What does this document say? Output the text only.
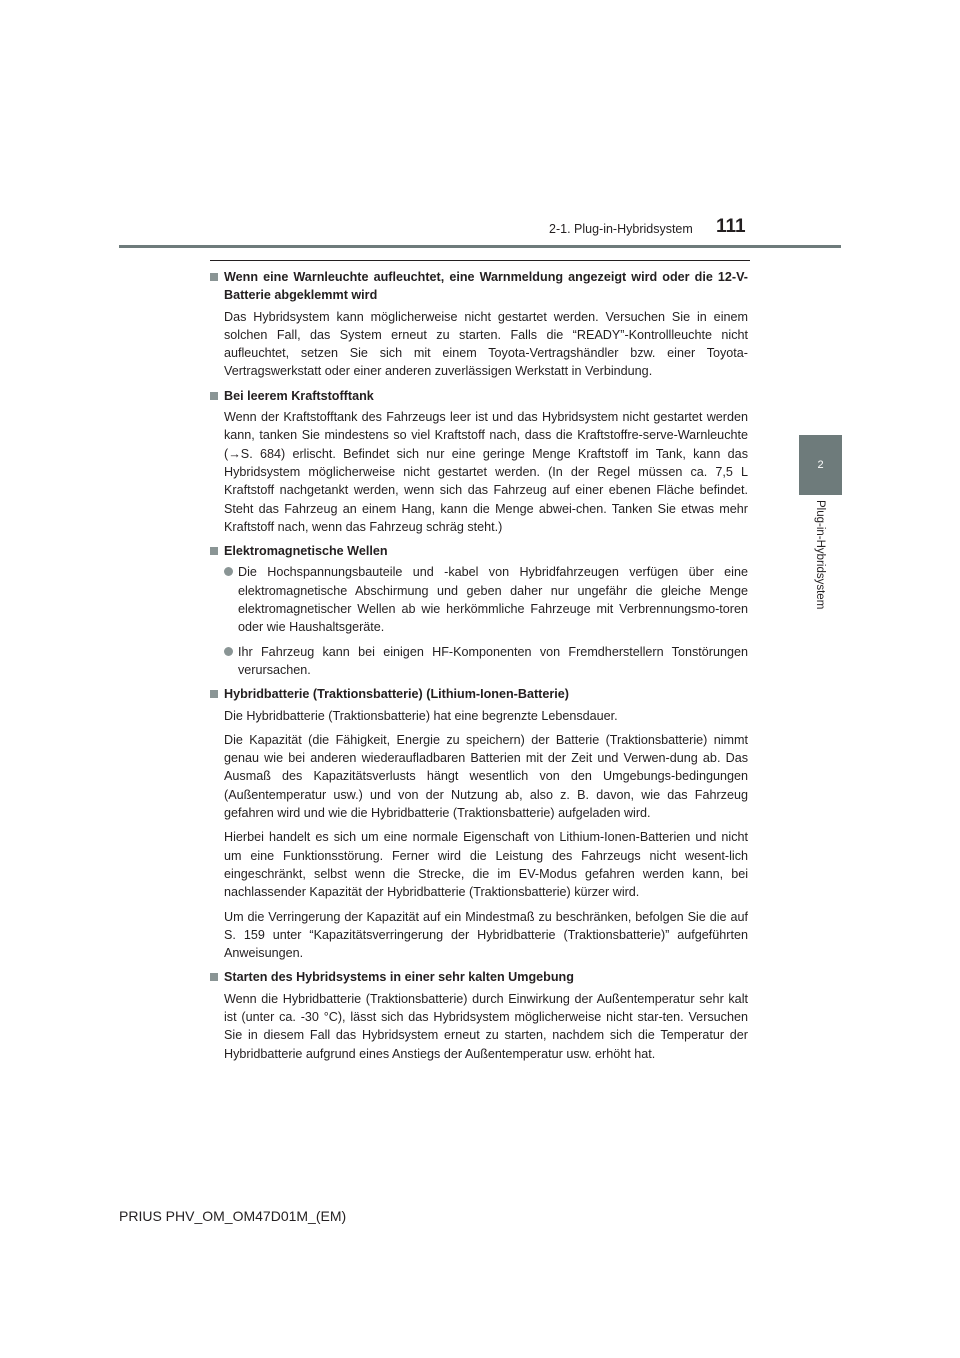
2-1. Plug-in-Hybridsystem 111
2
Plug-in-Hybridsystem
Wenn eine Warnleuchte aufleuchtet, eine Warnmeldung angezeigt wird oder die 12-V-Batterie abgeklemmt wird
Das Hybridsystem kann möglicherweise nicht gestartet werden. Versuchen Sie in einem solchen Fall, das System erneut zu starten. Falls die “READY”-Kontrollleuchte nicht aufleuchtet, setzen Sie sich mit einem Toyota-Vertragshändler bzw. einer Toyota-Vertragswerkstatt oder einer anderen zuverlässigen Werkstatt in Verbindung.
Bei leerem Kraftstofftank
Wenn der Kraftstofftank des Fahrzeugs leer ist und das Hybridsystem nicht gestartet werden kann, tanken Sie mindestens so viel Kraftstoff nach, dass die Kraftstoffre-serve-Warnleuchte (→S. 684) erlischt. Befindet sich nur eine geringe Menge Kraftstoff im Tank, kann das Hybridsystem möglicherweise nicht gestartet werden. (In der Regel müssen ca. 7,5 L Kraftstoff nachgetankt werden, wenn sich das Fahrzeug auf einer ebenen Fläche befindet. Steht das Fahrzeug an einem Hang, kann die Menge abwei-chen. Tanken Sie etwas mehr Kraftstoff nach, wenn das Fahrzeug schräg steht.)
Elektromagnetische Wellen
Die Hochspannungsbauteile und -kabel von Hybridfahrzeugen verfügen über eine elektromagnetische Abschirmung und geben daher nur ungefähr die gleiche Menge elektromagnetischer Wellen ab wie herkömmliche Fahrzeuge mit Verbrennungsmo-toren oder wie Haushaltsgeräte.
Ihr Fahrzeug kann bei einigen HF-Komponenten von Fremdherstellern Tonstörungen verursachen.
Hybridbatterie (Traktionsbatterie) (Lithium-Ionen-Batterie)
Die Hybridbatterie (Traktionsbatterie) hat eine begrenzte Lebensdauer.
Die Kapazität (die Fähigkeit, Energie zu speichern) der Batterie (Traktionsbatterie) nimmt genau wie bei anderen wiederaufladbaren Batterien mit der Zeit und Verwen-dung ab. Das Ausmaß des Kapazitätsverlusts hängt wesentlich von den Umgebungs-bedingungen (Außentemperatur usw.) und von der Nutzung ab, also z. B. davon, wie das Fahrzeug gefahren wird und wie die Hybridbatterie (Traktionsbatterie) aufgeladen wird.
Hierbei handelt es sich um eine normale Eigenschaft von Lithium-Ionen-Batterien und nicht um eine Funktionsstörung. Ferner wird die Leistung des Fahrzeugs nicht wesent-lich eingeschränkt, selbst wenn die Strecke, die im EV-Modus gefahren werden kann, bei nachlassender Kapazität der Hybridbatterie (Traktionsbatterie) kürzer wird.
Um die Verringerung der Kapazität auf ein Mindestmaß zu beschränken, befolgen Sie die auf S. 159 unter “Kapazitätsverringerung der Hybridbatterie (Traktionsbatterie)” aufgeführten Anweisungen.
Starten des Hybridsystems in einer sehr kalten Umgebung
Wenn die Hybridbatterie (Traktionsbatterie) durch Einwirkung der Außentemperatur sehr kalt ist (unter ca. -30 °C), lässt sich das Hybridsystem möglicherweise nicht star-ten. Versuchen Sie in diesem Fall das Hybridsystem erneut zu starten, nachdem sich die Temperatur der Hybridbatterie aufgrund eines Anstiegs der Außentemperatur usw. erhöht hat.
PRIUS PHV_OM_OM47D01M_(EM)
